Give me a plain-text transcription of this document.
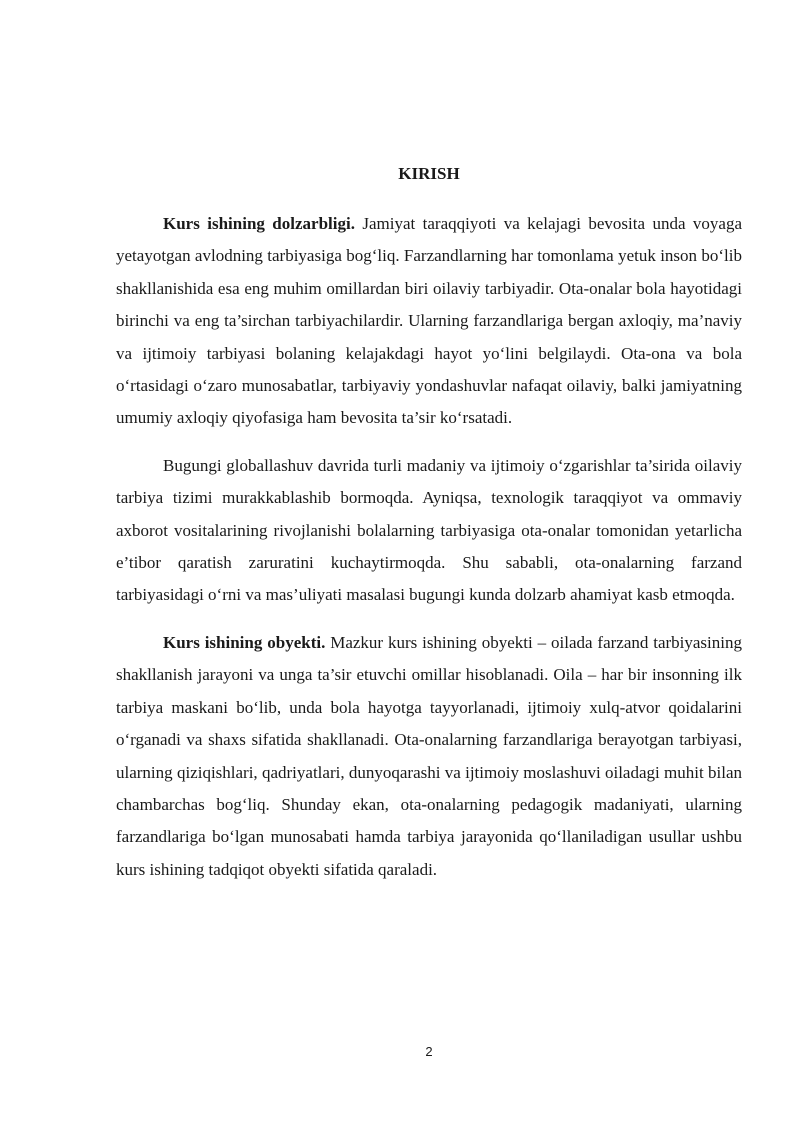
KIRISH

Kurs ishining dolzarbligi. Jamiyat taraqqiyoti va kelajagi bevosita unda voyaga yetayotgan avlodning tarbiyasiga bog‘liq. Farzandlarning har tomonlama yetuk inson bo‘lib shakllanishida esa eng muhim omillardan biri oilaviy tarbiyadir. Ota-onalar bola hayotidagi birinchi va eng ta’sirchan tarbiyachilardir. Ularning farzandlariga bergan axloqiy, ma’naviy va ijtimoiy tarbiyasi bolaning kelajakdagi hayot yo‘lini belgilaydi. Ota-ona va bola o‘rtasidagi o‘zaro munosabatlar, tarbiyaviy yondashuvlar nafaqat oilaviy, balki jamiyatning umumiy axloqiy qiyofasiga ham bevosita ta’sir ko‘rsatadi.

Bugungi globallashuv davrida turli madaniy va ijtimoiy o‘zgarishlar ta’sirida oilaviy tarbiya tizimi murakkablashib bormoqda. Ayniqsa, texnologik taraqqiyot va ommaviy axborot vositalarining rivojlanishi bolalarning tarbiyasiga ota-onalar tomonidan yetarlicha e’tibor qaratish zaruratini kuchaytirmoqda. Shu sababli, ota-onalarning farzand tarbiyasidagi o‘rni va mas’uliyati masalasi bugungi kunda dolzarb ahamiyat kasb etmoqda.

Kurs ishining obyekti. Mazkur kurs ishining obyekti – oilada farzand tarbiyasining shakllanish jarayoni va unga ta’sir etuvchi omillar hisoblanadi. Oila – har bir insonning ilk tarbiya maskani bo‘lib, unda bola hayotga tayyorlanadi, ijtimoiy xulq-atvor qoidalarini o‘rganadi va shaxs sifatida shakllanadi. Ota-onalarning farzandlariga berayotgan tarbiyasi, ularning qiziqishlari, qadriyatlari, dunyoqarashi va ijtimoiy moslashuvi oiladagi muhit bilan chambarchas bog‘liq. Shunday ekan, ota-onalarning pedagogik madaniyati, ularning farzandlariga bo‘lgan munosabati hamda tarbiya jarayonida qo‘llaniladigan usullar ushbu kurs ishining tadqiqot obyekti sifatida qaraladi.

2
